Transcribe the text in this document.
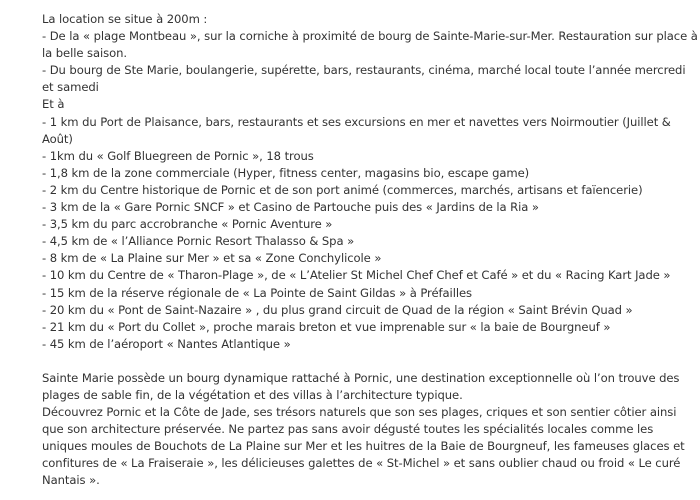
La location se situe à 200m :

- De la « plage Montbeau », sur la corniche à proximité de bourg de Sainte-Marie-sur-Mer. Restauration sur place à la belle saison.

- Du bourg de Ste Marie, boulangerie, supérette, bars, restaurants, cinéma, marché local toute l’année mercredi et samedi

Et à

- 1 km du Port de Plaisance, bars, restaurants et ses excursions en mer et navettes vers Noirmoutier (Juillet & Août)

- 1km du « Golf Bluegreen de Pornic », 18 trous

- 1,8 km de la zone commerciale (Hyper, fitness center, magasins bio, escape game)

- 2 km du Centre historique de Pornic et de son port animé (commerces, marchés, artisans et faïencerie)

- 3 km de la « Gare Pornic SNCF » et Casino de Partouche puis des « Jardins de la Ria »

- 3,5 km du parc accrobranche « Pornic Aventure »

- 4,5 km de « l’Alliance Pornic Resort Thalasso & Spa »

- 8 km de « La Plaine sur Mer » et sa « Zone Conchylicole »

- 10 km du Centre de « Tharon-Plage », de « L’Atelier St Michel Chef Chef et Café » et du « Racing Kart Jade »

- 15 km de la réserve régionale de « La Pointe de Saint Gildas » à Préfailles

- 20 km du « Pont de Saint-Nazaire » , du plus grand circuit de Quad de la région « Saint Brévin Quad »

- 21 km du « Port du Collet », proche marais breton et vue imprenable sur « la baie de Bourgneuf »

- 45 km de l’aéroport « Nantes Atlantique »

Sainte Marie possède un bourg dynamique rattaché à Pornic, une destination exceptionnelle où l’on trouve des plages de sable fin, de la végétation et des villas à l’architecture typique.

Découvrez Pornic et la Côte de Jade, ses trésors naturels que son ses plages, criques et son sentier côtier ainsi que son architecture préservée. Ne partez pas sans avoir dégusté toutes les spécialités locales comme les uniques moules de Bouchots de La Plaine sur Mer et les huitres de la Baie de Bourgneuf, les fameuses glaces et confitures de « La Fraiseraie », les délicieuses galettes de « St-Michel » et sans oublier chaud ou froid « Le curé Nantais ».
